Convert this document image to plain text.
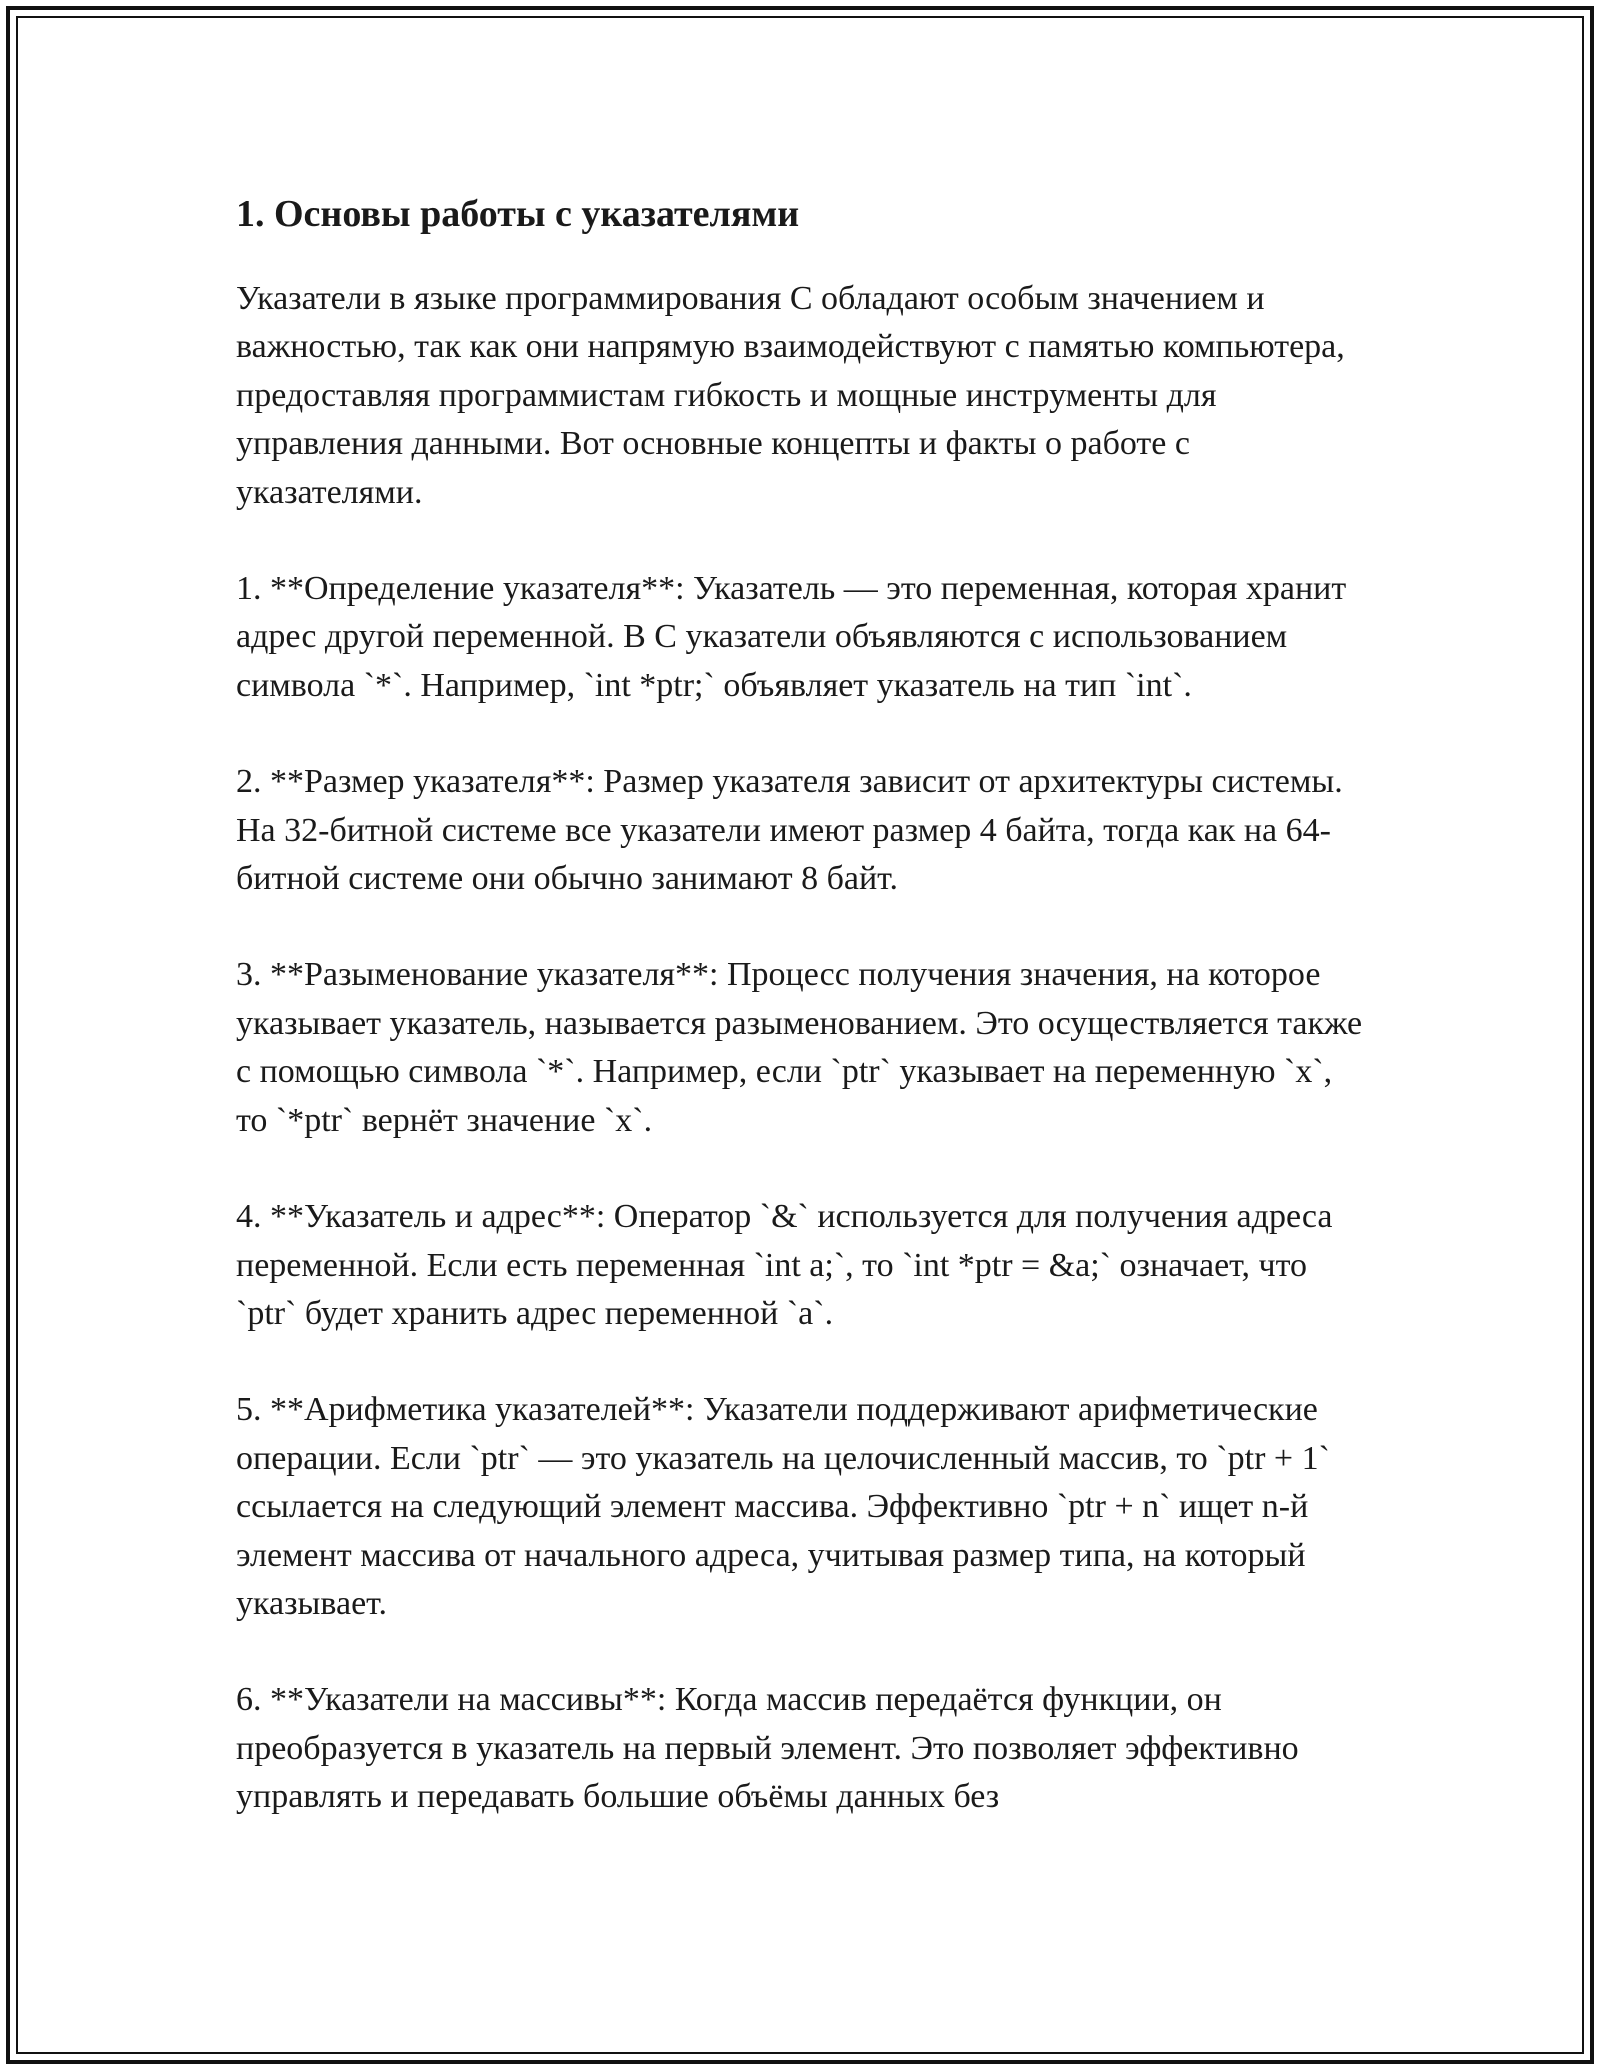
1. Основы работы с указателями

Указатели в языке программирования C обладают особым значением и важностью, так как они напрямую взаимодействуют с памятью компьютера, предоставляя программистам гибкость и мощные инструменты для управления данными. Вот основные концепты и факты о работе с указателями.

1. **Определение указателя**: Указатель — это переменная, которая хранит адрес другой переменной. В C указатели объявляются с использованием символа `*`. Например, `int *ptr;` объявляет указатель на тип `int`.

2. **Размер указателя**: Размер указателя зависит от архитектуры системы. На 32-битной системе все указатели имеют размер 4 байта, тогда как на 64-битной системе они обычно занимают 8 байт.

3. **Разыменование указателя**: Процесс получения значения, на которое указывает указатель, называется разыменованием. Это осуществляется также с помощью символа `*`. Например, если `ptr` указывает на переменную `x`, то `*ptr` вернёт значение `x`.

4. **Указатель и адрес**: Оператор `&` используется для получения адреса переменной. Если есть переменная `int a;`, то `int *ptr = &a;` означает, что `ptr` будет хранить адрес переменной `a`.

5. **Арифметика указателей**: Указатели поддерживают арифметические операции. Если `ptr` — это указатель на целочисленный массив, то `ptr + 1` ссылается на следующий элемент массива. Эффективно `ptr + n` ищет n-й элемент массива от начального адреса, учитывая размер типа, на который указывает.

6. **Указатели на массивы**: Когда массив передаётся функции, он преобразуется в указатель на первый элемент. Это позволяет эффективно управлять и передавать большие объёмы данных без
